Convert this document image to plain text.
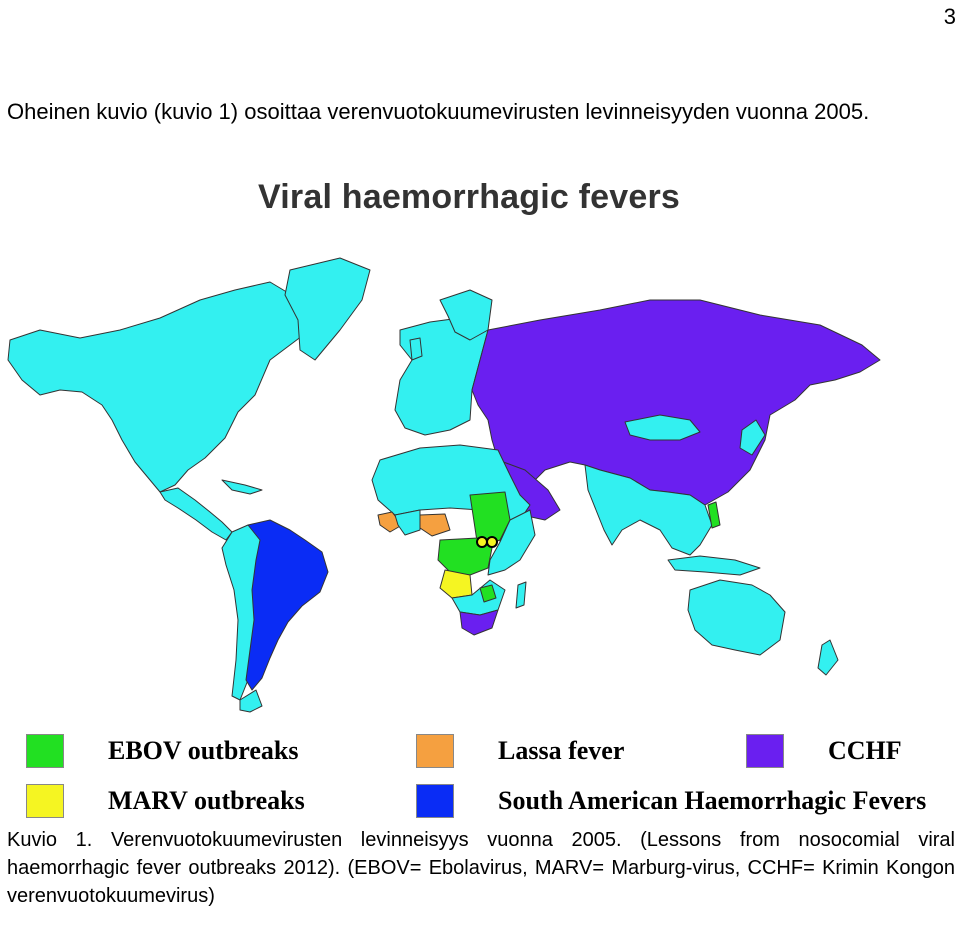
3

Oheinen kuvio (kuvio 1) osoittaa verenvuotokuumevirusten levinneisyyden vuonna 2005.

Viral haemorrhagic fevers
EBOV outbreaks	Lassa fever	CCHF
MARV outbreaks	South American Haemorrhagic Fevers

Kuvio 1. Verenvuotokuumevirusten levinneisyys vuonna 2005. (Lessons from nosocomial viral haemorrhagic fever outbreaks 2012). (EBOV= Ebolavirus, MARV= Marburg-virus, CCHF= Krimin Kongon verenvuotokuumevirus)
